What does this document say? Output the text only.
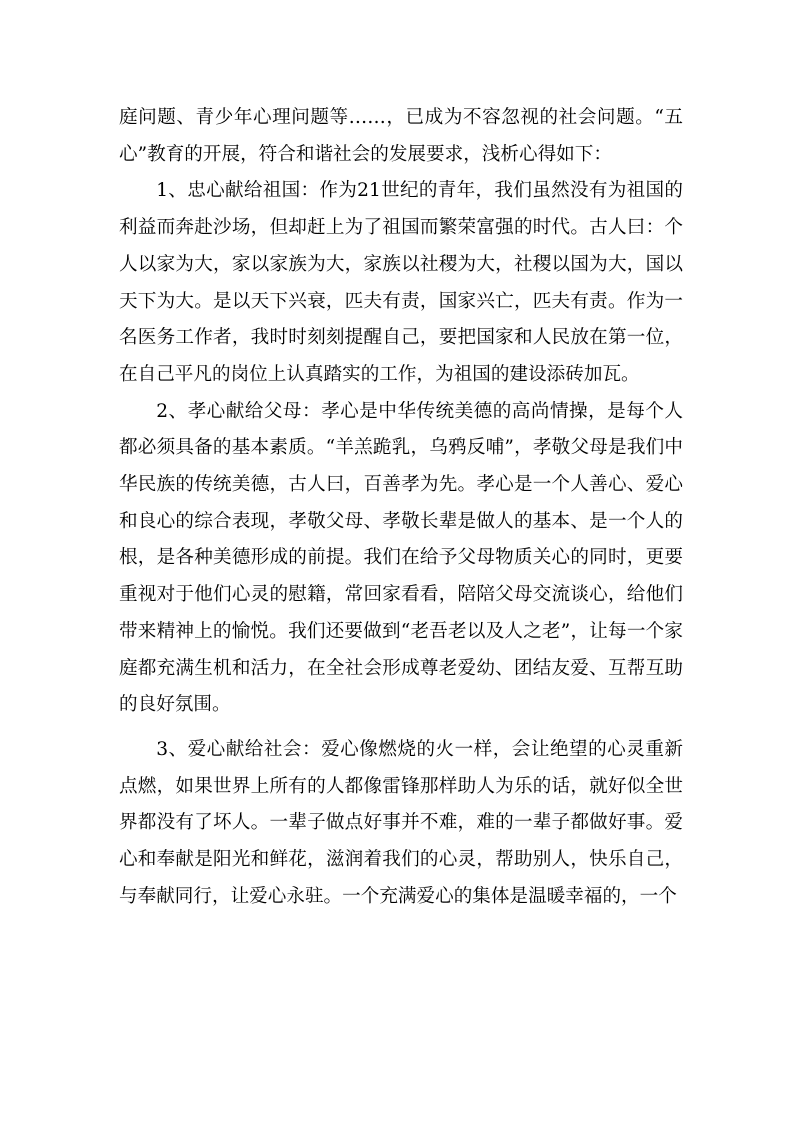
庭问题、青少年心理问题等……，已成为不容忽视的社会问题。“五心”教育的开展，符合和谐社会的发展要求，浅析心得如下：

1、忠心献给祖国：作为21世纪的青年，我们虽然没有为祖国的利益而奔赴沙场，但却赶上为了祖国而繁荣富强的时代。古人曰：个人以家为大，家以家族为大，家族以社稷为大，社稷以国为大，国以天下为大。是以天下兴衰，匹夫有责，国家兴亡，匹夫有责。作为一名医务工作者，我时时刻刻提醒自己，要把国家和人民放在第一位，在自己平凡的岗位上认真踏实的工作，为祖国的建设添砖加瓦。

2、孝心献给父母：孝心是中华传统美德的高尚情操，是每个人都必须具备的基本素质。“羊羔跪乳，乌鸦反哺”，孝敬父母是我们中华民族的传统美德，古人曰，百善孝为先。孝心是一个人善心、爱心和良心的综合表现，孝敬父母、孝敬长辈是做人的基本、是一个人的根，是各种美德形成的前提。我们在给予父母物质关心的同时，更要重视对于他们心灵的慰籍，常回家看看，陪陪父母交流谈心，给他们带来精神上的愉悦。我们还要做到“老吾老以及人之老”，让每一个家庭都充满生机和活力，在全社会形成尊老爱幼、团结友爱、互帮互助的良好氛围。

3、爱心献给社会：爱心像燃烧的火一样，会让绝望的心灵重新点燃，如果世界上所有的人都像雷锋那样助人为乐的话，就好似全世界都没有了坏人。一辈子做点好事并不难，难的一辈子都做好事。爱心和奉献是阳光和鲜花，滋润着我们的心灵，帮助别人，快乐自己，与奉献同行，让爱心永驻。一个充满爱心的集体是温暖幸福的，一个
